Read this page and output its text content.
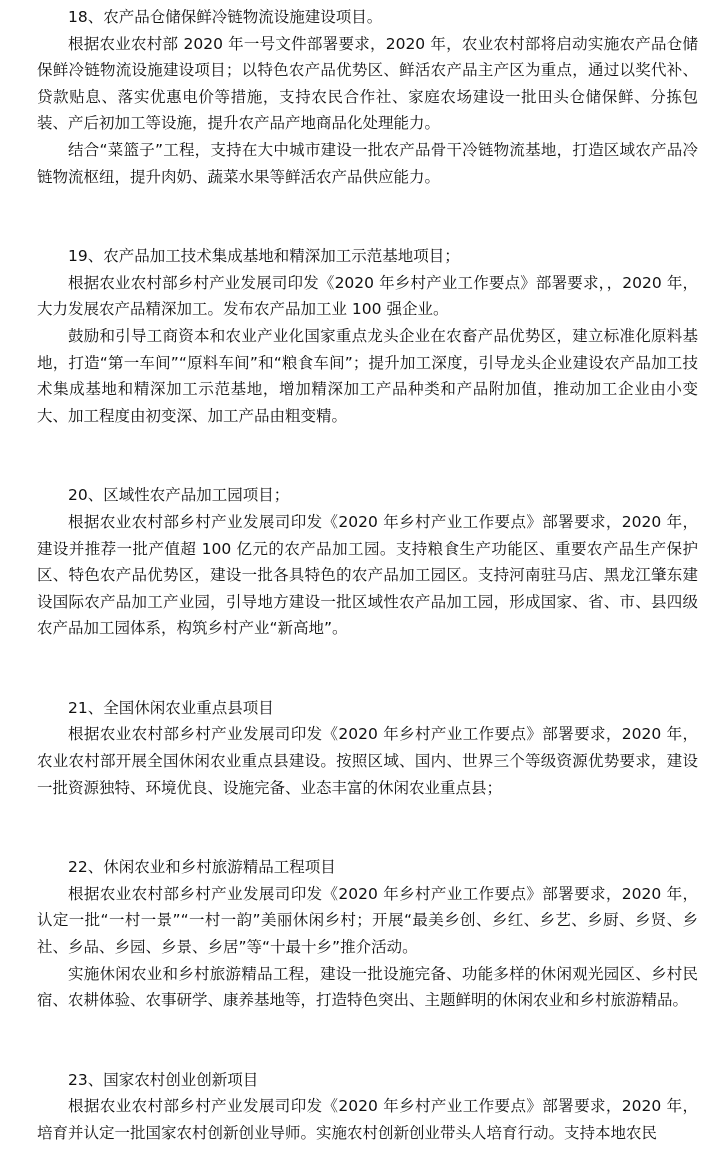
18、农产品仓储保鲜冷链物流设施建设项目。

根据农业农村部 2020 年一号文件部署要求，2020 年，农业农村部将启动实施农产品仓储保鲜冷链物流设施建设项目；以特色农产品优势区、鲜活农产品主产区为重点，通过以奖代补、贷款贴息、落实优惠电价等措施，支持农民合作社、家庭农场建设一批田头仓储保鲜、分拣包装、产后初加工等设施，提升农产品产地商品化处理能力。

结合“菜篮子”工程，支持在大中城市建设一批农产品骨干冷链物流基地，打造区域农产品冷链物流枢纽，提升肉奶、蔬菜水果等鲜活农产品供应能力。

19、农产品加工技术集成基地和精深加工示范基地项目；

根据农业农村部乡村产业发展司印发《2020 年乡村产业工作要点》部署要求，，2020 年，大力发展农产品精深加工。发布农产品加工业 100 强企业。

鼓励和引导工商资本和农业产业化国家重点龙头企业在农畜产品优势区，建立标准化原料基地，打造“第一车间”“原料车间”和“粮食车间”；提升加工深度，引导龙头企业建设农产品加工技术集成基地和精深加工示范基地，增加精深加工产品种类和产品附加值，推动加工企业由小变大、加工程度由初变深、加工产品由粗变精。

20、区域性农产品加工园项目；

根据农业农村部乡村产业发展司印发《2020 年乡村产业工作要点》部署要求，2020 年，建设并推荐一批产值超 100 亿元的农产品加工园。支持粮食生产功能区、重要农产品生产保护区、特色农产品优势区，建设一批各具特色的农产品加工园区。支持河南驻马店、黑龙江肇东建设国际农产品加工产业园，引导地方建设一批区域性农产品加工园，形成国家、省、市、县四级农产品加工园体系，构筑乡村产业“新高地”。

21、全国休闲农业重点县项目

根据农业农村部乡村产业发展司印发《2020 年乡村产业工作要点》部署要求，2020 年，农业农村部开展全国休闲农业重点县建设。按照区域、国内、世界三个等级资源优势要求，建设一批资源独特、环境优良、设施完备、业态丰富的休闲农业重点县；

22、休闲农业和乡村旅游精品工程项目

根据农业农村部乡村产业发展司印发《2020 年乡村产业工作要点》部署要求，2020 年，认定一批“一村一景”“一村一韵”美丽休闲乡村；开展“最美乡创、乡红、乡艺、乡厨、乡贤、乡社、乡品、乡园、乡景、乡居”等“十最十乡”推介活动。

实施休闲农业和乡村旅游精品工程，建设一批设施完备、功能多样的休闲观光园区、乡村民宿、农耕体验、农事研学、康养基地等，打造特色突出、主题鲜明的休闲农业和乡村旅游精品。

23、国家农村创业创新项目

根据农业农村部乡村产业发展司印发《2020 年乡村产业工作要点》部署要求，2020 年，培育并认定一批国家农村创新创业导师。实施农村创新创业带头人培育行动。支持本地农民
